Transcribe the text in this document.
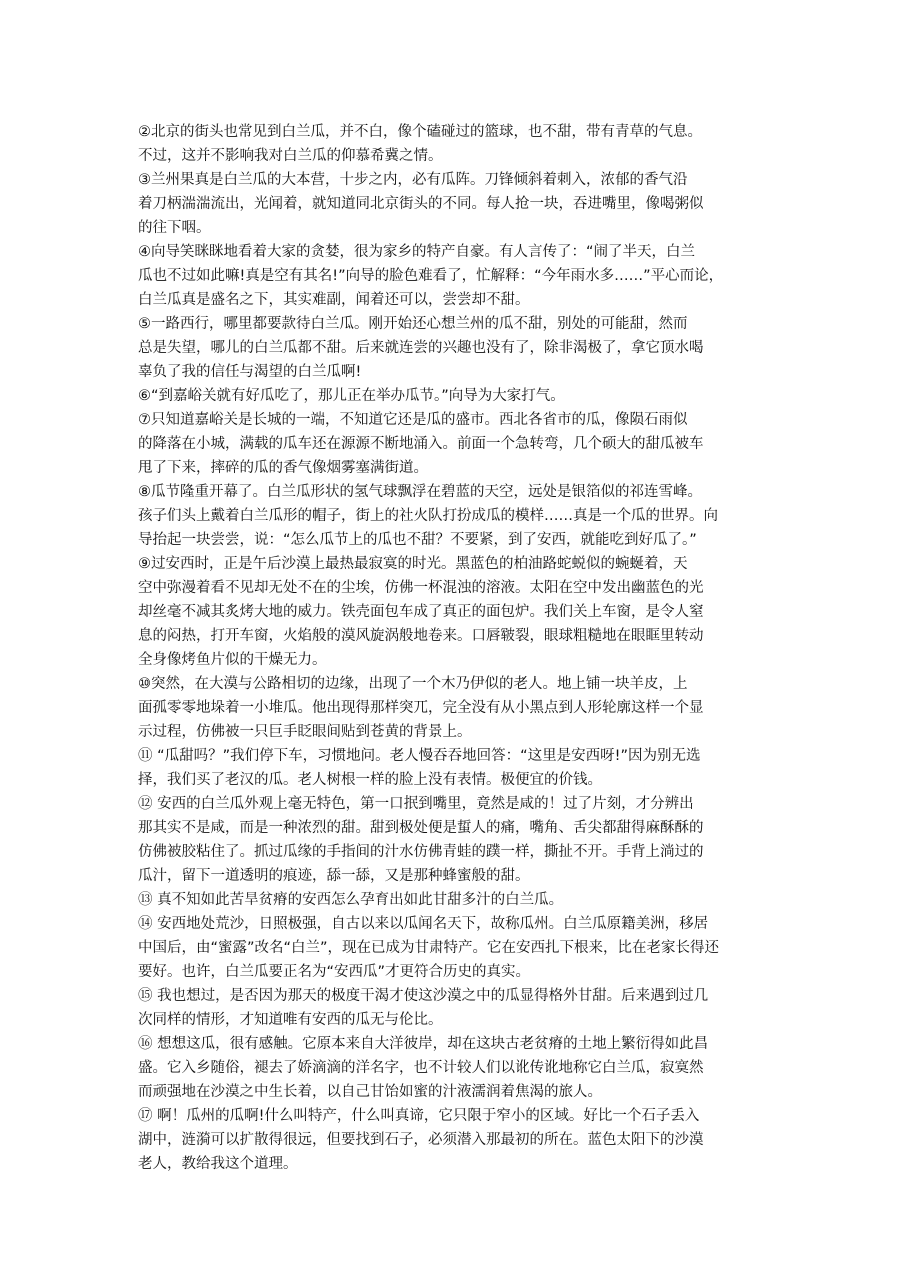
②北京的街头也常见到白兰瓜，并不白，像个磕碰过的篮球，也不甜，带有青草的气息。
不过，这并不影响我对白兰瓜的仰慕希冀之情。

③兰州果真是白兰瓜的大本营，十步之内，必有瓜阵。刀锋倾斜着刺入，浓郁的香气沿
着刀柄湍湍流出，光闻着，就知道同北京街头的不同。每人抢一块，吞进嘴里，像喝粥似
的往下咽。

④向导笑眯眯地看着大家的贪婪，很为家乡的特产自豪。有人言传了：“闹了半天，白兰
瓜也不过如此嘛!真是空有其名!”向导的脸色难看了，忙解释：“今年雨水多……”平心而论，
白兰瓜真是盛名之下，其实难副，闻着还可以，尝尝却不甜。

⑤一路西行，哪里都要款待白兰瓜。刚开始还心想兰州的瓜不甜，别处的可能甜，然而
总是失望，哪儿的白兰瓜都不甜。后来就连尝的兴趣也没有了，除非渴极了，拿它顶水喝
辜负了我的信任与渴望的白兰瓜啊!

⑥“到嘉峪关就有好瓜吃了，那儿正在举办瓜节。”向导为大家打气。

⑦只知道嘉峪关是长城的一端，不知道它还是瓜的盛市。西北各省市的瓜，像陨石雨似
的降落在小城，满载的瓜车还在源源不断地涌入。前面一个急转弯，几个硕大的甜瓜被车
甩了下来，摔碎的瓜的香气像烟雾塞满街道。

⑧瓜节隆重开幕了。白兰瓜形状的氢气球飘浮在碧蓝的天空，远处是银箔似的祁连雪峰。
孩子们头上戴着白兰瓜形的帽子，街上的社火队打扮成瓜的模样……真是一个瓜的世界。向
导抬起一块尝尝，说：“怎么瓜节上的瓜也不甜？不要紧，到了安西，就能吃到好瓜了。”

⑨过安西时，正是午后沙漠上最热最寂寞的时光。黑蓝色的柏油路蛇蜕似的蜿蜒着，天
空中弥漫着看不见却无处不在的尘埃，仿佛一杯混浊的溶液。太阳在空中发出幽蓝色的光
却丝毫不减其炙烤大地的威力。铁壳面包车成了真正的面包炉。我们关上车窗，是令人窒
息的闷热，打开车窗，火焰般的漠风旋涡般地卷来。口唇皲裂，眼球粗糙地在眼眶里转动
全身像烤鱼片似的干燥无力。

⑩突然，在大漠与公路相切的边缘，出现了一个木乃伊似的老人。地上铺一块羊皮，上
面孤零零地垛着一小堆瓜。他出现得那样突兀，完全没有从小黑点到人形轮廓这样一个显
示过程，仿佛被一只巨手眨眼间贴到苍黄的背景上。

⑪ “瓜甜吗？”我们停下车，习惯地问。老人慢吞吞地回答：“这里是安西呀!”因为别无选
择，我们买了老汉的瓜。老人树根一样的脸上没有表情。极便宜的价钱。

⑫ 安西的白兰瓜外观上毫无特色，第一口抿到嘴里，竟然是咸的！过了片刻，才分辨出
那其实不是咸，而是一种浓烈的甜。甜到极处便是蜇人的痛，嘴角、舌尖都甜得麻酥酥的
仿佛被胶粘住了。抓过瓜缘的手指间的汁水仿佛青蛙的蹼一样，撕扯不开。手背上淌过的
瓜汁，留下一道透明的痕迹，舔一舔，又是那种蜂蜜般的甜。

⑬ 真不知如此苦旱贫瘠的安西怎么孕育出如此甘甜多汁的白兰瓜。

⑭ 安西地处荒沙，日照极强，自古以来以瓜闻名天下，故称瓜州。白兰瓜原籍美洲，移居
中国后，由“蜜露”改名“白兰”，现在已成为甘肃特产。它在安西扎下根来，比在老家长得还
要好。也许，白兰瓜要正名为“安西瓜”才更符合历史的真实。

⑮ 我也想过，是否因为那天的极度干渴才使这沙漠之中的瓜显得格外甘甜。后来遇到过几
次同样的情形，才知道唯有安西的瓜无与伦比。

⑯ 想想这瓜，很有感触。它原本来自大洋彼岸，却在这块古老贫瘠的土地上繁衍得如此昌
盛。它入乡随俗，褪去了娇滴滴的洋名字，也不计较人们以讹传讹地称它白兰瓜，寂寞然
而顽强地在沙漠之中生长着，以自己甘饴如蜜的汁液濡润着焦渴的旅人。

⑰ 啊！瓜州的瓜啊!什么叫特产，什么叫真谛，它只限于窄小的区域。好比一个石子丢入
湖中，涟漪可以扩散得很远，但要找到石子，必须潜入那最初的所在。蓝色太阳下的沙漠
老人，教给我这个道理。
